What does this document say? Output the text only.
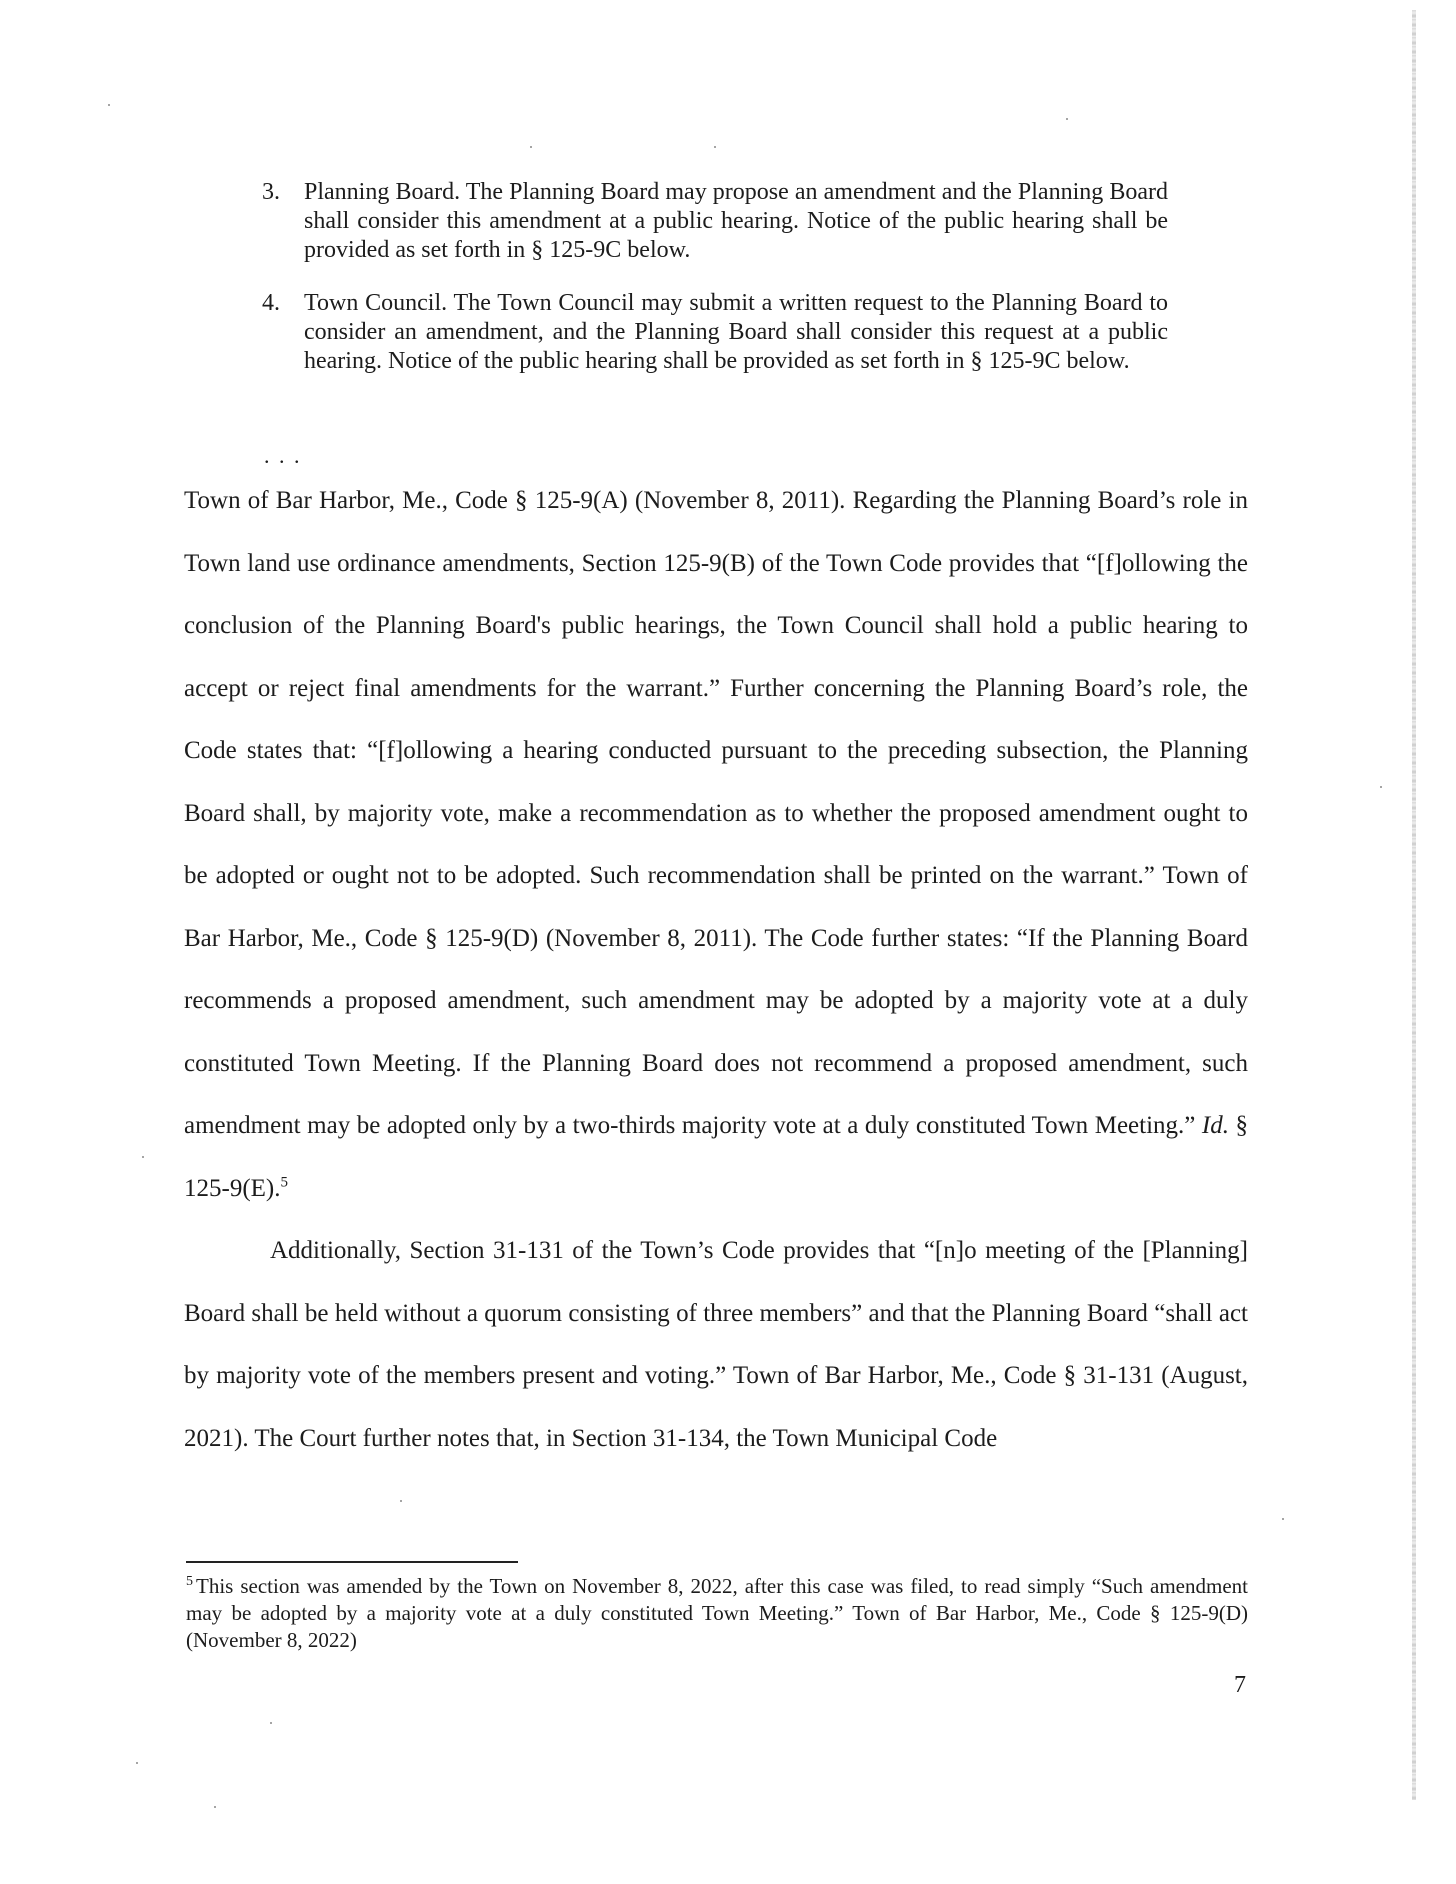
3.	Planning Board. The Planning Board may propose an amendment and the Planning Board shall consider this amendment at a public hearing. Notice of the public hearing shall be provided as set forth in § 125-9C below.
4.	Town Council. The Town Council may submit a written request to the Planning Board to consider an amendment, and the Planning Board shall consider this request at a public hearing. Notice of the public hearing shall be provided as set forth in § 125-9C below.
. . .

Town of Bar Harbor, Me., Code § 125-9(A) (November 8, 2011). Regarding the Planning Board’s role in Town land use ordinance amendments, Section 125-9(B) of the Town Code provides that “[f]ollowing the conclusion of the Planning Board's public hearings, the Town Council shall hold a public hearing to accept or reject final amendments for the warrant.” Further concerning the Planning Board’s role, the Code states that: “[f]ollowing a hearing conducted pursuant to the preceding subsection, the Planning Board shall, by majority vote, make a recommendation as to whether the proposed amendment ought to be adopted or ought not to be adopted. Such recommendation shall be printed on the warrant.” Town of Bar Harbor, Me., Code § 125-9(D) (November 8, 2011). The Code further states: “If the Planning Board recommends a proposed amendment, such amendment may be adopted by a majority vote at a duly constituted Town Meeting. If the Planning Board does not recommend a proposed amendment, such amendment may be adopted only by a two-thirds majority vote at a duly constituted Town Meeting.” Id. § 125-9(E).$^5$

Additionally, Section 31-131 of the Town’s Code provides that “[n]o meeting of the [Planning] Board shall be held without a quorum consisting of three members” and that the Planning Board “shall act by majority vote of the members present and voting.” Town of Bar Harbor, Me., Code § 31-131 (August, 2021). The Court further notes that, in Section 31-134, the Town Municipal Code

$^5$ This section was amended by the Town on November 8, 2022, after this case was filed, to read simply “Such amendment may be adopted by a majority vote at a duly constituted Town Meeting.” Town of Bar Harbor, Me., Code § 125-9(D) (November 8, 2022)
7
